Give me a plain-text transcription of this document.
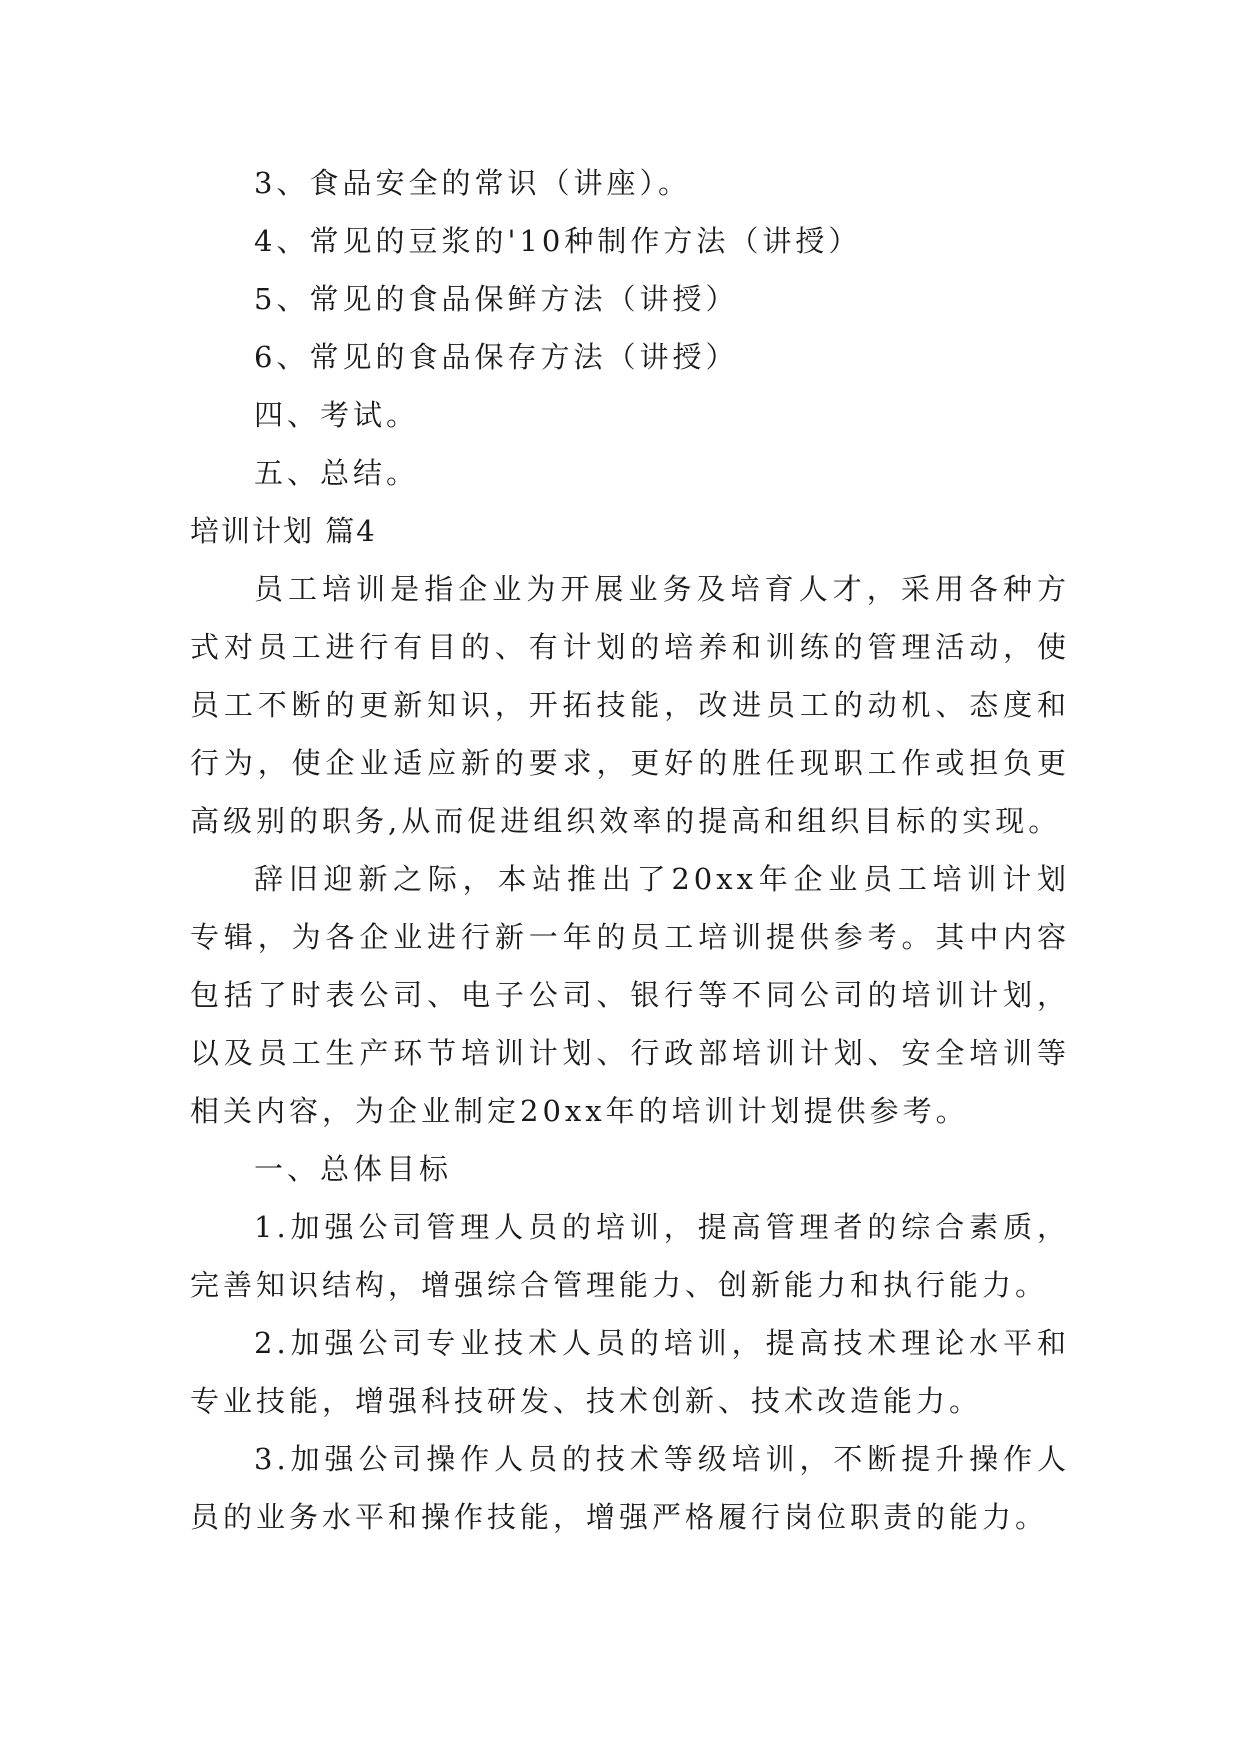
3、食品安全的常识（讲座）。
4、常见的豆浆的'10种制作方法（讲授）
5、常见的食品保鲜方法（讲授）
6、常见的食品保存方法（讲授）
四、考试。
五、总结。
培训计划 篇4
员工培训是指企业为开展业务及培育人才，采用各种方
式对员工进行有目的、有计划的培养和训练的管理活动，使
员工不断的更新知识，开拓技能，改进员工的动机、态度和
行为，使企业适应新的要求，更好的胜任现职工作或担负更
高级别的职务,从而促进组织效率的提高和组织目标的实现。
辞旧迎新之际，本站推出了20xx年企业员工培训计划
专辑，为各企业进行新一年的员工培训提供参考。其中内容
包括了时表公司、电子公司、银行等不同公司的培训计划，
以及员工生产环节培训计划、行政部培训计划、安全培训等
相关内容，为企业制定20xx年的培训计划提供参考。
一、总体目标
1.加强公司管理人员的培训，提高管理者的综合素质，
完善知识结构，增强综合管理能力、创新能力和执行能力。
2.加强公司专业技术人员的培训，提高技术理论水平和
专业技能，增强科技研发、技术创新、技术改造能力。
3.加强公司操作人员的技术等级培训，不断提升操作人
员的业务水平和操作技能，增强严格履行岗位职责的能力。
